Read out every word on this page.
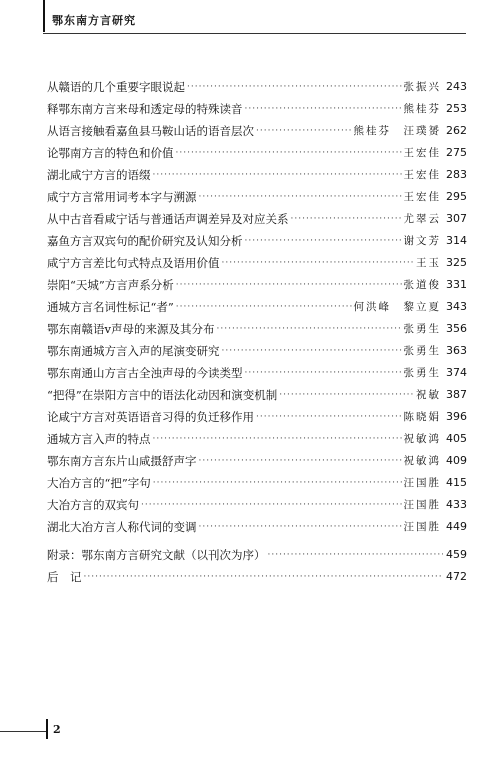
鄂东南方言研究
从赣语的几个重要字眼说起 ·····	张振兴 243
释鄂东南方言来母和透定母的特殊读音 ·····	熊桂芬 253
从语言接触看嘉鱼县马鞍山话的语音层次 ·····	熊桂芬　汪璞赟 262
论鄂南方言的特色和价值 ·····	王宏佳 275
湖北咸宁方言的语缀 ·····	王宏佳 283
咸宁方言常用词考本字与溯源 ·····	王宏佳 295
从中古音看咸宁话与普通话声调差异及对应关系 ·····	尤翠云 307
嘉鱼方言双宾句的配价研究及认知分析 ·····	谢文芳 314
咸宁方言差比句式特点及语用价值 ·····	王玉 325
崇阳“天城”方言声系分析 ·····	张道俊 331
通城方言名词性标记“者” ·····	何洪峰　黎立夏 343
鄂东南赣语v声母的来源及其分布 ·····	张勇生 356
鄂东南通城方言入声的尾演变研究 ·····	张勇生 363
鄂东南通山方言古全浊声母的今读类型 ·····	张勇生 374
“把得”在崇阳方言中的语法化动因和演变机制 ·····	祝敏 387
论咸宁方言对英语语音习得的负迁移作用 ·····	陈晓娟 396
通城方言入声的特点 ·····	祝敏鸿 405
鄂东南方言东片山咸摄舒声字 ·····	祝敏鸿 409
大冶方言的“把”字句 ·····	汪国胜 415
大冶方言的双宾句 ·····	汪国胜 433
湖北大冶方言人称代词的变调 ·····	汪国胜 449
附录：鄂东南方言研究文献（以刊次为序） ·····	459
后　记 ·····	472
2
